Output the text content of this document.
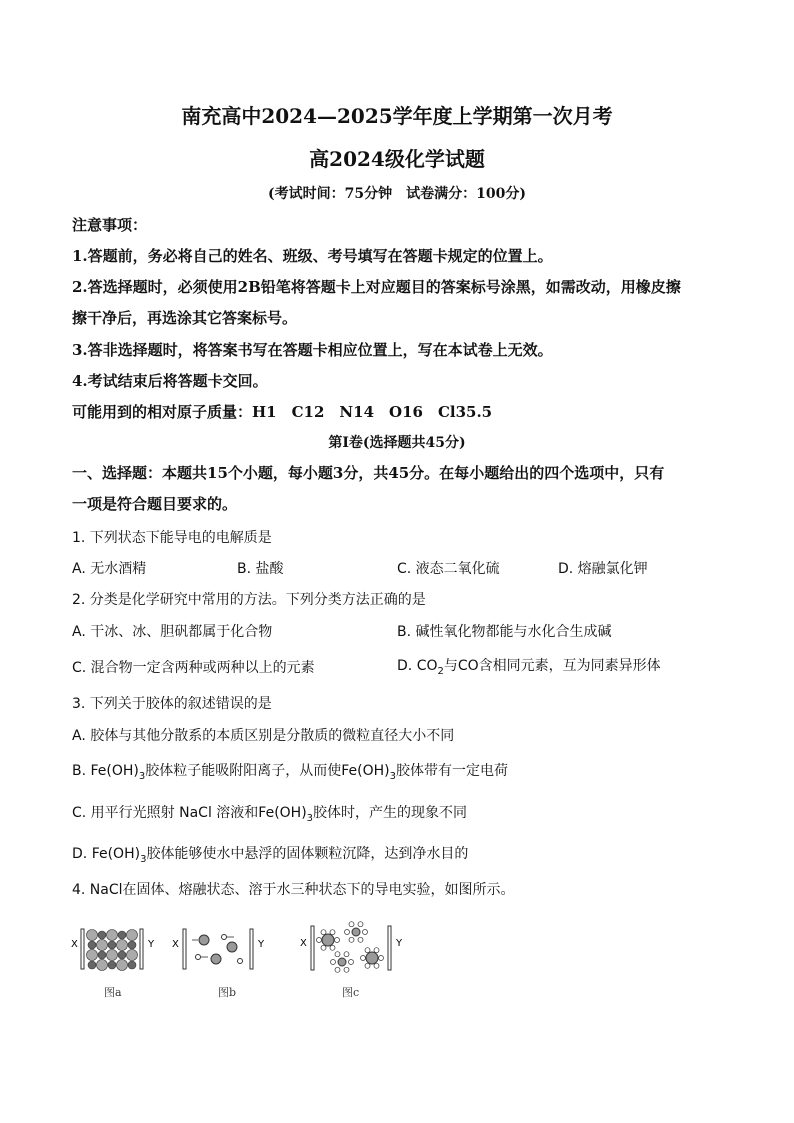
南充高中2024—2025学年度上学期第一次月考
高2024级化学试题
(考试时间：75分钟　试卷满分：100分)
注意事项：
1.答题前，务必将自己的姓名、班级、考号填写在答题卡规定的位置上。
2.答选择题时，必须使用2B铅笔将答题卡上对应题目的答案标号涂黑，如需改动，用橡皮擦
擦干净后，再选涂其它答案标号。
3.答非选择题时，将答案书写在答题卡相应位置上，写在本试卷上无效。
4.考试结束后将答题卡交回。
可能用到的相对原子质量：H1　C12　N14　O16　Cl35.5
第Ⅰ卷(选择题共45分)
一、选择题：本题共15个小题，每小题3分，共45分。在每小题给出的四个选项中，只有
一项是符合题目要求的。
1. 下列状态下能导电的电解质是
A. 无水酒精	B. 盐酸	C. 液态二氧化硫	D. 熔融氯化钾
2. 分类是化学研究中常用的方法。下列分类方法正确的是
A. 干冰、冰、胆矾都属于化合物	B. 碱性氧化物都能与水化合生成碱
C. 混合物一定含两种或两种以上的元素	D. $CO_2$与CO含相同元素，互为同素异形体
3. 下列关于胶体的叙述错误的是
A. 胶体与其他分散系的本质区别是分散质的微粒直径大小不同
B. $Fe(OH)_3$胶体粒子能吸附阳离子，从而使$Fe(OH)_3$胶体带有一定电荷
C. 用平行光照射 NaCl 溶液和$Fe(OH)_3$胶体时，产生的现象不同
D. $Fe(OH)_3$胶体能够使水中悬浮的固体颗粒沉降，达到净水目的
4. NaCl在固体、熔融状态、溶于水三种状态下的导电实验，如图所示。
X	Y
图a
X	Y
图b
X	Y
图c
